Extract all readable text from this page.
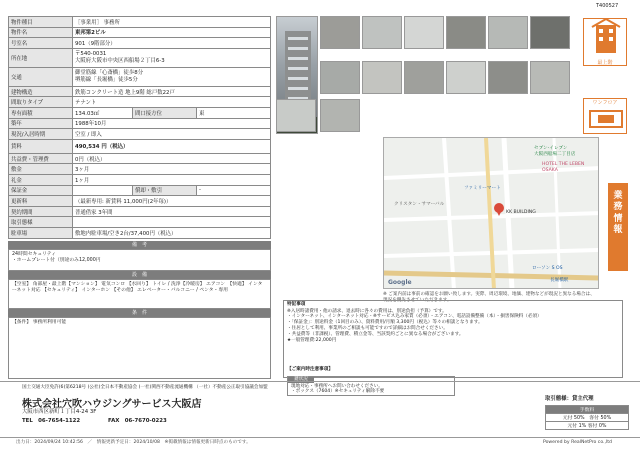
T400527
物件種目	［事業用］ 事務所		
物件名	東邦第2ビル		
号室名	901（9階部分）		
所在地	〒540-0031
大阪府大阪市中央区西船場２丁目6-3		
交通	御堂筋線「心斎橋」徒歩8分
堺筋線「長堀橋」徒歩5分		
建物構造	鉄筋コンクリート造 地上9階 総戸数22戸		
間取りタイプ	テナント		
専有面積	134.03㎡	間口接方位	東
築年	1988年10月		
現況/入居時期	空室 / 即入		
賃料	490,534 円（税込）		
共益費・管理費	0円（税込）		
敷金	3ヶ月		
礼金	1ヶ月		
保証金		償却・敷引	-
更新料	（最新専用: 新賃料 11,000円(2年毎)）		
契約期間	普通借家 3年間		
取引態様			
駐車場	敷地内駐車場/空き2台/37,400円（税込）		
備　考
24時間セキュリティ
・ホームプレート付（別途のみ12,000円
設　備
【空室】 角部屋・最上階【マンション】 電気コンロ 【水回り】 トイレ / 洗浄【冷暖房】 エアコン　【快適】 インターネット対応 【セキュリティ】 インターホン 【その他】 エレベーター・バルコニー / ペンタ・専用
条　件
【条件】 事務所利用可能
最上階
ワンフロア
業務情報
セブン-イレブン
大阪西船場二丁目店
HOTEL THE LEBEN OSAKA
ファミリーマート
KK BUILDING
ローソン S OS
クリスタン・サマーバル
長堀橋駅
Google
※ ご案内前は事前の確認をお願い致します。実際、周辺環境、地価、建物などが現況と異なる場合は、現況を優先させていただきます。
特記事項
※入居時諸費用・他の請求、退去時に各々の費用は、別途負担（予算）です。
・インターネット、インターネット対応 - ※サービス込み家賃（必須）・エアコン、電話設備整備（本）・損害保険料（必須）
・「保証金」：別途料金（1回目のみ）、資料費用/月額 3,300円（税込）等々の相談となります。
・住居として利用、事業所のご相談も可能ですので詳細はお問合せください。
・共益費等（非課税）、管理費、積立金等、当該契約ごとに異なる場合がございます。
★一般管理費:22,000円
【ご案内時注意事項】
鍵状況
現地対応・事務所へお問い合わせください。
・ボックス（7604）※セキュリティ解除不要
国土交通大臣免許(6)第6218号 (公社)全日本不動産協会 (一社)関西不動産流通機構 （一社）不動産公正取引協議会加盟
株式会社穴吹ハウジングサービス大阪店
大阪市西区新町１丁目4-24 3F
TEL　06-7654-1122	FAX　06-7670-0223
取引態様：貸主代理
手数料
元付 50%　客付 50%
元付 1% 客付 0%
出力日：2024/09/24 10:42:56　／　情報更新予定日：2024/10/08　※掲載情報は情報更新日時点のものです。	Powered by RealNetPro co.,ltd
